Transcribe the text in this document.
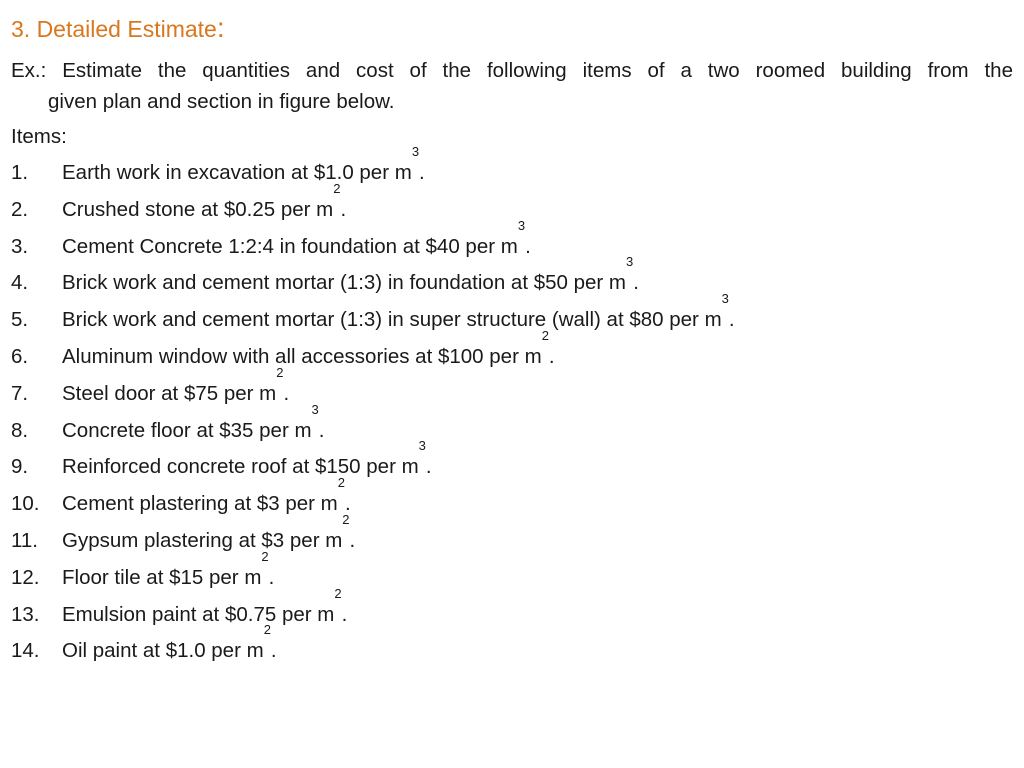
3. Detailed Estimate:
Ex.: Estimate the quantities and cost of the following items of a two roomed building from the
given plan and section in figure below.
Items:
1.	Earth work in excavation at $1.0 per $m^3$.
2.	Crushed stone at $0.25 per $m^2$.
3.	Cement Concrete 1:2:4 in foundation at $40 per $m^3$.
4.	Brick work and cement mortar (1:3) in foundation at $50 per $m^3$.
5.	Brick work and cement mortar (1:3) in super structure (wall) at $80 per $m^3$.
6.	Aluminum window with all accessories at $100 per $m^2$.
7.	Steel door at $75 per $m^2$.
8.	Concrete floor at $35 per $m^3$.
9.	Reinforced concrete roof at $150 per $m^3$.
10.	Cement plastering at $3 per $m^2$.
11.	Gypsum plastering at $3 per $m^2$.
12.	Floor tile at $15 per $m^2$.
13.	Emulsion paint at $0.75 per $m^2$.
14.	Oil paint at $1.0 per $m^2$.
